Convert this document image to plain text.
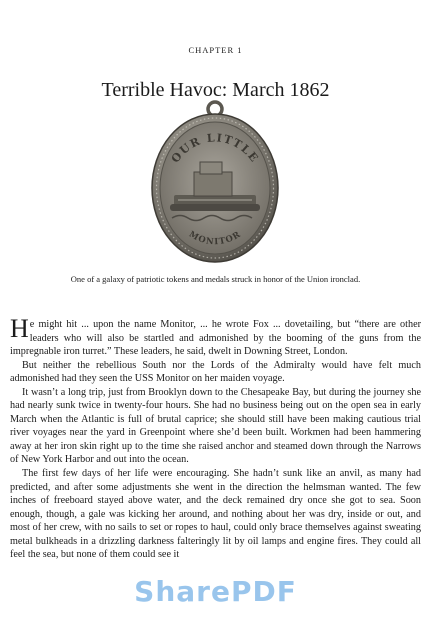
CHAPTER 1
Terrible Havoc: March 1862
OUR LITTLE
MONITOR
One of a galaxy of patriotic tokens and medals struck in honor of the Union ironclad.

He might hit ... upon the name Monitor, ... he wrote Fox ... dovetailing, but “there are other leaders who will also be startled and admonished by the booming of the guns from the impregnable iron turret.” These leaders, he said, dwelt in Downing Street, London.

But neither the rebellious South nor the Lords of the Admiralty would have felt much admonished had they seen the USS Monitor on her maiden voyage.

It wasn’t a long trip, just from Brooklyn down to the Chesapeake Bay, but during the journey she had nearly sunk twice in twenty-four hours. She had no business being out on the open sea in early March when the Atlantic is full of brutal caprice; she should still have been making cautious trial river voyages near the yard in Greenpoint where she’d been built. Workmen had been hammering away at her iron skin right up to the time she raised anchor and steamed down through the Narrows of New York Harbor and out into the ocean.

The first few days of her life were encouraging. She hadn’t sunk like an anvil, as many had predicted, and after some adjustments she went in the direction the helmsman wanted. The few inches of freeboard stayed above water, and the deck remained dry once she got to sea. Soon enough, though, a gale was kicking her around, and nothing about her was dry, inside or out, and most of her crew, with no sails to set or ropes to haul, could only brace themselves against sweating metal bulkheads in a drizzling darkness falteringly lit by oil lamps and engine fires. They could all feel the sea, but none of them could see it

SharePDF
